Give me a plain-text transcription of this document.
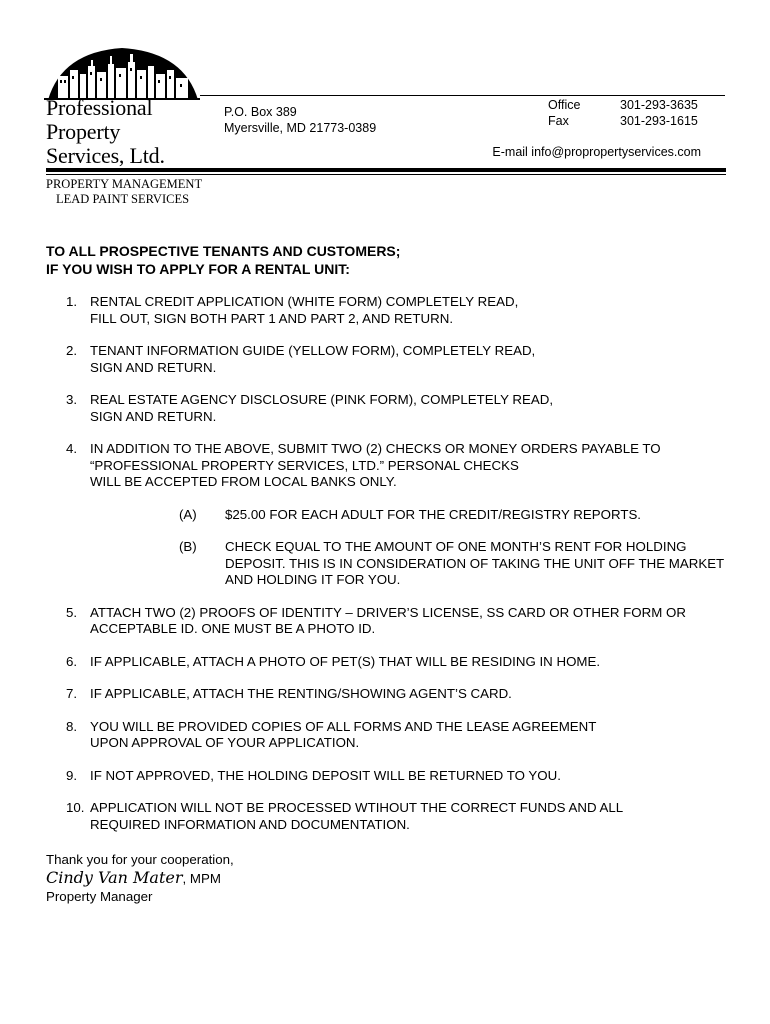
Professional
Property
Services, Ltd.
P.O. Box 389
Myersville, MD 21773-0389
Office
Fax
301-293-3635
301-293-1615
E-mail info@propropertyservices.com
PROPERTY MANAGEMENT
LEAD PAINT SERVICES
TO ALL PROSPECTIVE TENANTS AND CUSTOMERS;
IF YOU WISH TO APPLY FOR A RENTAL UNIT:
1. RENTAL CREDIT APPLICATION (WHITE FORM) COMPLETELY READ,
FILL OUT, SIGN BOTH PART 1 AND PART 2, AND RETURN.
2. TENANT INFORMATION GUIDE (YELLOW FORM), COMPLETELY READ,
SIGN AND RETURN.
3. REAL ESTATE AGENCY DISCLOSURE (PINK FORM), COMPLETELY READ,
SIGN AND RETURN.
4. IN ADDITION TO THE ABOVE, SUBMIT TWO (2) CHECKS OR MONEY ORDERS PAYABLE TO
“PROFESSIONAL PROPERTY SERVICES, LTD.” PERSONAL CHECKS
WILL BE ACCEPTED FROM LOCAL BANKS ONLY.
(A) $25.00 FOR EACH ADULT FOR THE CREDIT/REGISTRY REPORTS.
(B) CHECK EQUAL TO THE AMOUNT OF ONE MONTH’S RENT FOR HOLDING
DEPOSIT. THIS IS IN CONSIDERATION OF TAKING THE UNIT OFF THE MARKET
AND HOLDING IT FOR YOU.
5. ATTACH TWO (2) PROOFS OF IDENTITY – DRIVER’S LICENSE, SS CARD OR OTHER FORM OR
ACCEPTABLE ID. ONE MUST BE A PHOTO ID.
6. IF APPLICABLE, ATTACH A PHOTO OF PET(S) THAT WILL BE RESIDING IN HOME.
7. IF APPLICABLE, ATTACH THE RENTING/SHOWING AGENT’S CARD.
8. YOU WILL BE PROVIDED COPIES OF ALL FORMS AND THE LEASE AGREEMENT
UPON APPROVAL OF YOUR APPLICATION.
9. IF NOT APPROVED, THE HOLDING DEPOSIT WILL BE RETURNED TO YOU.
10. APPLICATION WILL NOT BE PROCESSED WTIHOUT THE CORRECT FUNDS AND ALL
REQUIRED INFORMATION AND DOCUMENTATION.
Thank you for your cooperation,
Cindy Van Mater, MPM
Property Manager
